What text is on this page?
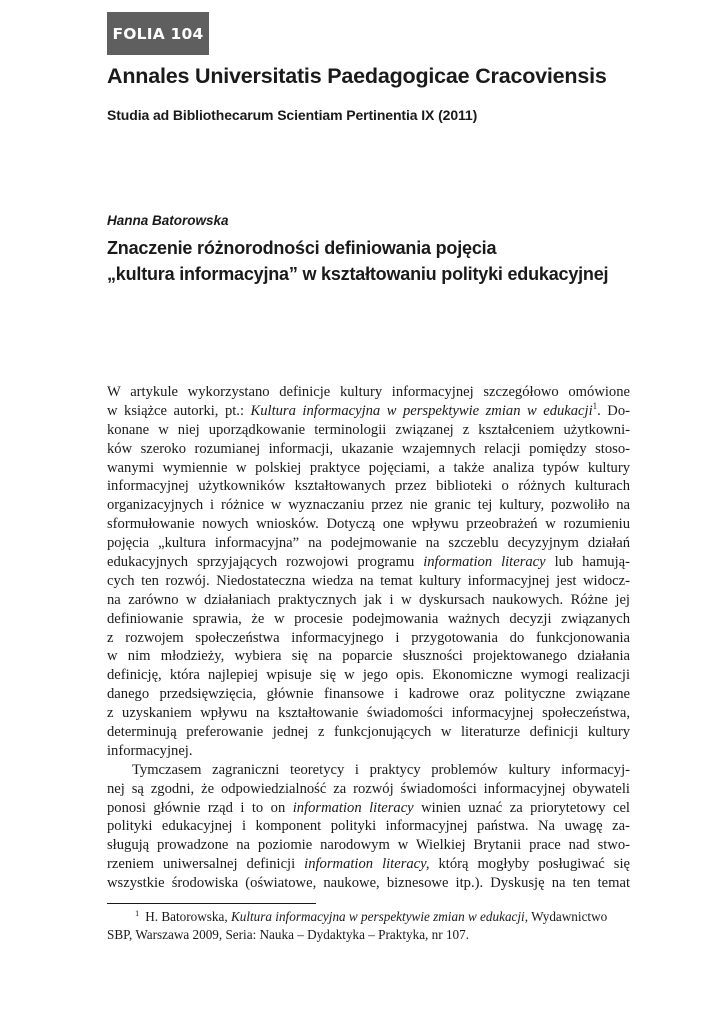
FOLIA 104
Annales Universitatis Paedagogicae Cracoviensis
Studia ad Bibliothecarum Scientiam Pertinentia IX (2011)
Hanna Batorowska
Znaczenie różnorodności definiowania pojęcia
„kultura informacyjna” w kształtowaniu polityki edukacyjnej
W artykule wykorzystano definicje kultury informacyjnej szczegółowo omówione
w książce autorki, pt.: Kultura informacyjna w perspektywie zmian w edukacji$^1$. Do-
konane w niej uporządkowanie terminologii związanej z kształceniem użytkowni-
ków szeroko rozumianej informacji, ukazanie wzajemnych relacji pomiędzy stoso-
wanymi wymiennie w polskiej praktyce pojęciami, a także analiza typów kultury
informacyjnej użytkowników kształtowanych przez biblioteki o różnych kulturach
organizacyjnych i różnice w wyznaczaniu przez nie granic tej kultury, pozwoliło na
sformułowanie nowych wniosków. Dotyczą one wpływu przeobrażeń w rozumieniu
pojęcia „kultura informacyjna” na podejmowanie na szczeblu decyzyjnym działań
edukacyjnych sprzyjających rozwojowi programu information literacy lub hamują-
cych ten rozwój. Niedostateczna wiedza na temat kultury informacyjnej jest widocz-
na zarówno w działaniach praktycznych jak i w dyskursach naukowych. Różne jej
definiowanie sprawia, że w procesie podejmowania ważnych decyzji związanych
z rozwojem społeczeństwa informacyjnego i przygotowania do funkcjonowania
w nim młodzieży, wybiera się na poparcie słuszności projektowanego działania
definicję, która najlepiej wpisuje się w jego opis. Ekonomiczne wymogi realizacji
danego przedsięwzięcia, głównie finansowe i kadrowe oraz polityczne związane
z uzyskaniem wpływu na kształtowanie świadomości informacyjnej społeczeństwa,
determinują preferowanie jednej z funkcjonujących w literaturze definicji kultury
informacyjnej.
Tymczasem zagraniczni teoretycy i praktycy problemów kultury informacyj-
nej są zgodni, że odpowiedzialność za rozwój świadomości informacyjnej obywateli
ponosi głównie rząd i to on information literacy winien uznać za priorytetowy cel
polityki edukacyjnej i komponent polityki informacyjnej państwa. Na uwagę za-
sługują prowadzone na poziomie narodowym w Wielkiej Brytanii prace nad stwo-
rzeniem uniwersalnej definicji information literacy, którą mogłyby posługiwać się
wszystkie środowiska (oświatowe, naukowe, biznesowe itp.). Dyskusję na ten temat
$^1$ H. Batorowska, Kultura informacyjna w perspektywie zmian w edukacji, Wydawnictwo
SBP, Warszawa 2009, Seria: Nauka – Dydaktyka – Praktyka, nr 107.
